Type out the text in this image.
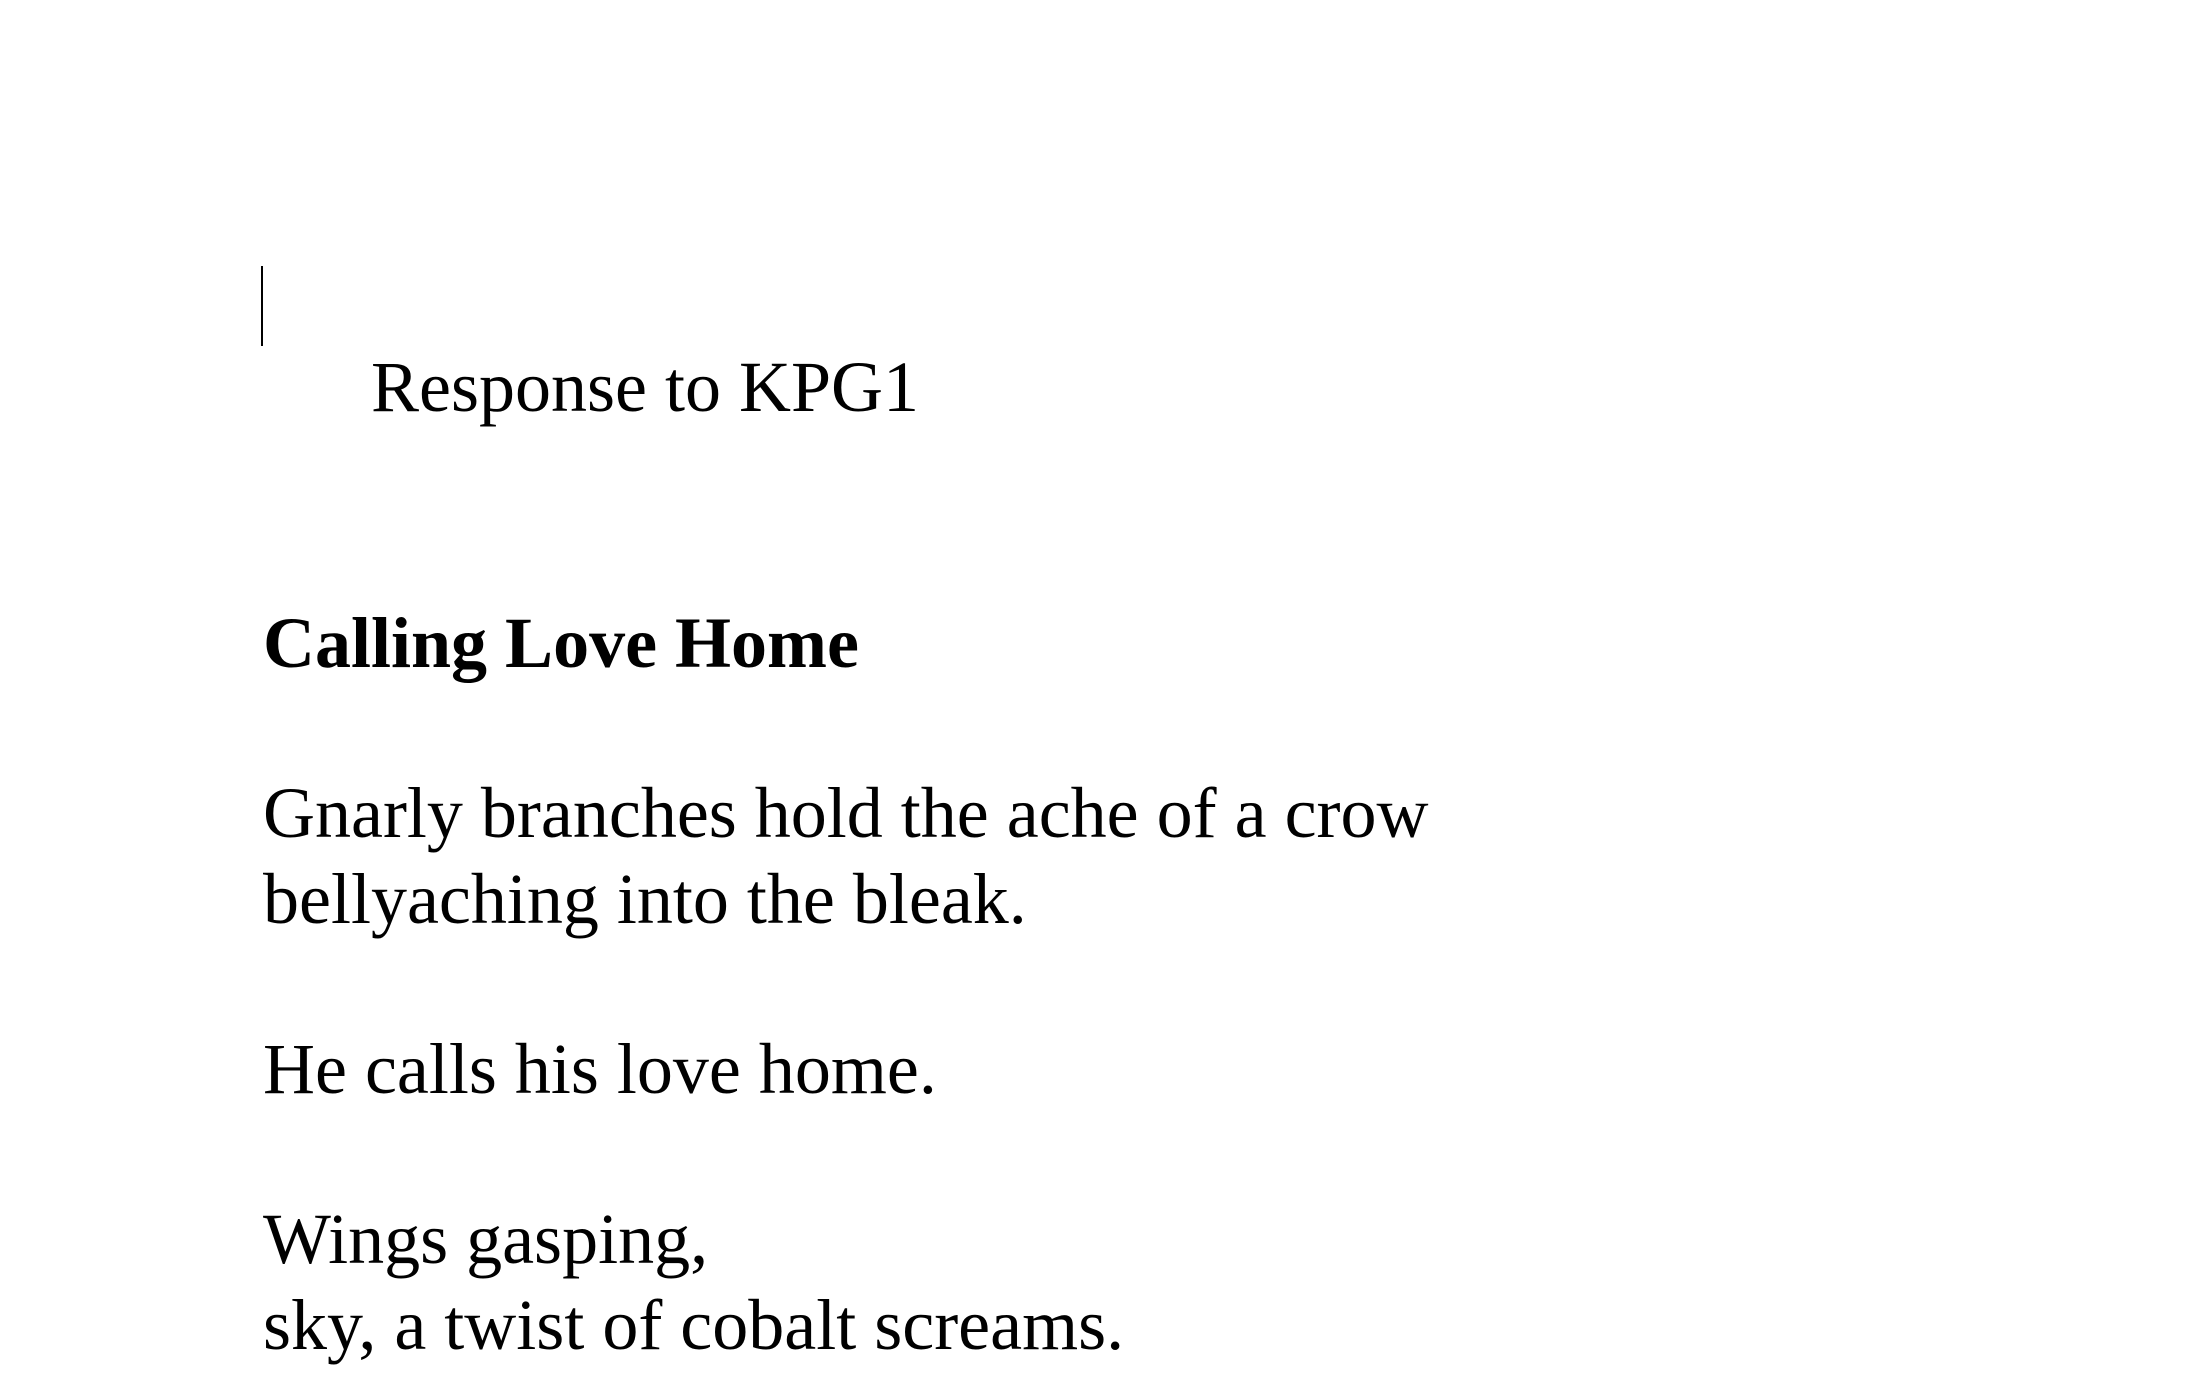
Response to KPG1

Calling Love Home

Gnarly branches hold the ache of a crow

bellyaching into the bleak.

He calls his love home.

Wings gasping,

sky, a twist of cobalt screams.
